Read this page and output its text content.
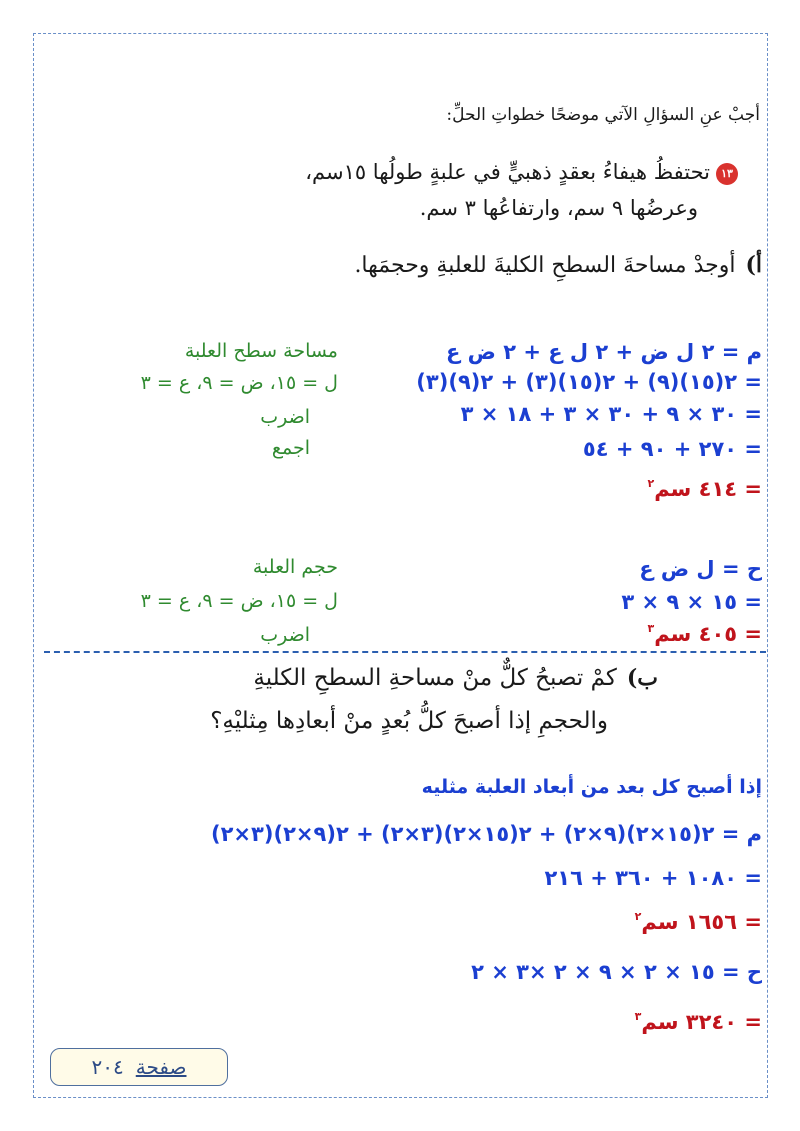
أجبْ عنِ السؤالِ الآتي موضحًا خطواتِ الحلِّ:
١٣تحتفظُ هيفاءُ بعقدٍ ذهبيٍّ في علبةٍ طولُها ١٥سم،
وعرضُها ٩ سم، وارتفاعُها ٣ سم.
أ)أوجدْ مساحةَ السطحِ الكليةَ للعلبةِ وحجمَها.
م = ٢ ل ض + ٢ ل ع + ٢ ض ع
= ٢(١٥)(٩) + ٢(١٥)(٣) + ٢(٩)(٣)
= ٣٠ × ٩ + ٣٠ × ٣ + ١٨ × ٣
= ٢٧٠ + ٩٠ + ٥٤
= ٤١٤ سم$^٢$
مساحة سطح العلبة
ل = ١٥، ض = ٩، ع = ٣
اضرب
اجمع
ح = ل ض ع
= ١٥ × ٩ × ٣
= ٤٠٥ سم$^٣$
حجم العلبة
ل = ١٥، ض = ٩، ع = ٣
اضرب
ب)كمْ تصبحُ كلٌّ منْ مساحةِ السطحِ الكليةِ
والحجمِ إذا أصبحَ كلُّ بُعدٍ منْ أبعادِها مِثليْهِ؟
إذا أصبح كل بعد من أبعاد العلبة مثليه
م = ٢(١٥×٢)(٩×٢) + ٢(١٥×٢)(٣×٢) + ٢(٩×٢)(٣×٢)
= ١٠٨٠ + ٣٦٠ + ٢١٦
= ١٦٥٦ سم$^٢$
ح = ١٥ × ٢ × ٩ × ٢ ×٣ × ٢
= ٣٢٤٠ سم$^٣$
صفحة٢٠٤
